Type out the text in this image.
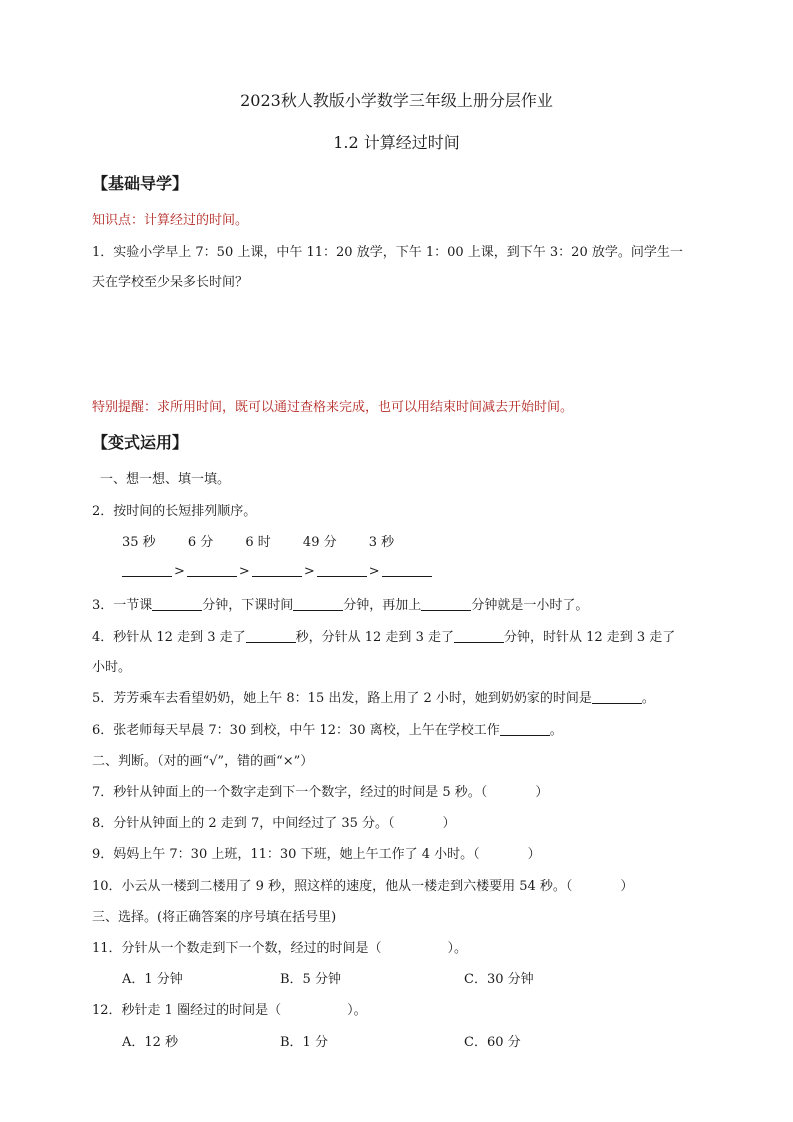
2023秋人教版小学数学三年级上册分层作业
1.2 计算经过时间
【基础导学】
知识点：计算经过的时间。
1．实验小学早上 7：50 上课，中午 11：20 放学，下午 1：00 上课，到下午 3：20 放学。问学生一
天在学校至少呆多长时间？
特别提醒：求所用时间，既可以通过查格来完成，也可以用结束时间减去开始时间。
【变式运用】
一、想一想、填一填。
2．按时间的长短排列顺序。
35 秒 6 分 6 时 49 分 3 秒
>	>	>	>
3．一节课	分钟，下课时间	分钟，再加上	分钟就是一小时了。
4．秒针从 12 走到 3 走了	秒，分针从 12 走到 3 走了	分钟，时针从 12 走到 3 走了
小时。
5．芳芳乘车去看望奶奶，她上午 8：15 出发，路上用了 2 小时，她到奶奶家的时间是	。
6．张老师每天早晨 7：30 到校，中午 12：30 离校，上午在学校工作	。
二、判断。（对的画“√”，错的画“×”）
7．秒针从钟面上的一个数字走到下一个数字，经过的时间是 5 秒。（	）
8．分针从钟面上的 2 走到 7，中间经过了 35 分。（	）
9．妈妈上午 7：30 上班，11：30 下班，她上午工作了 4 小时。（	）
10．小云从一楼到二楼用了 9 秒，照这样的速度，他从一楼走到六楼要用 54 秒。（	）
三、选择。(将正确答案的序号填在括号里)
11．分针从一个数走到下一个数，经过的时间是（	）。
A．1 分钟	B．5 分钟	C．30 分钟
12．秒针走 1 圈经过的时间是（	）。
A．12 秒	B．1 分	C．60 分
